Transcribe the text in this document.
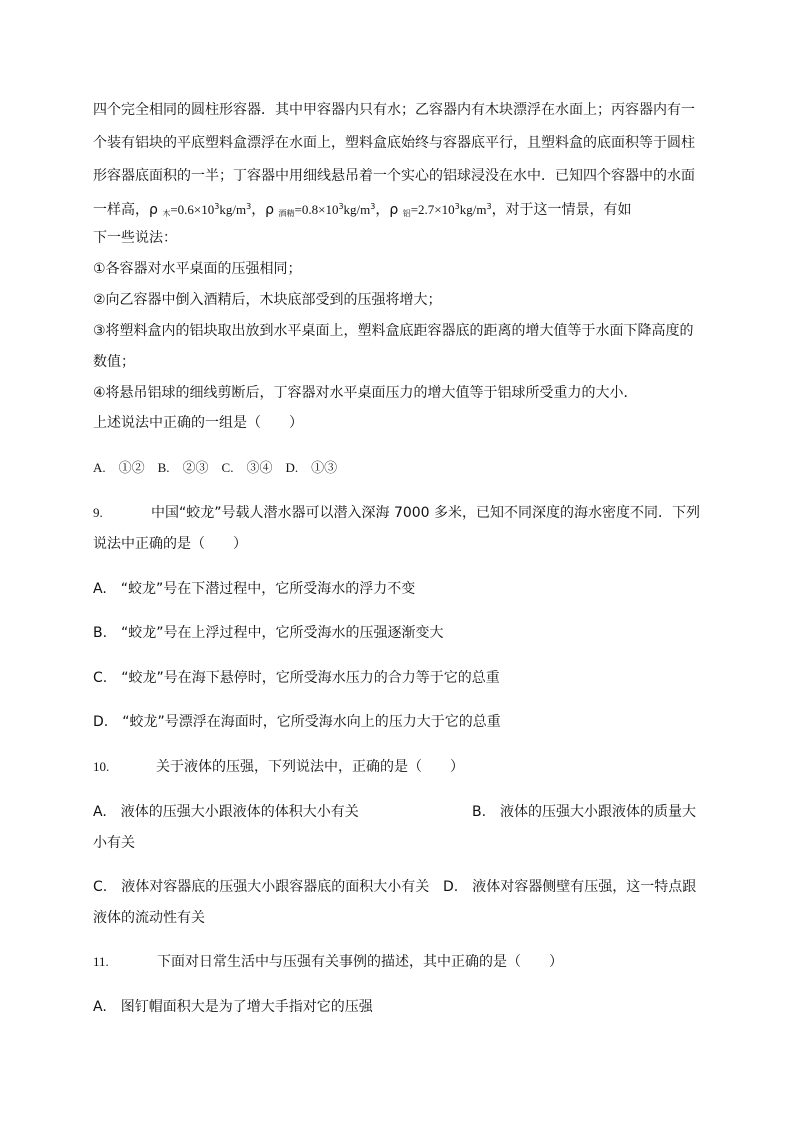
四个完全相同的圆柱形容器．其中甲容器内只有水；乙容器内有木块漂浮在水面上；丙容器内有一
个装有铝块的平底塑料盒漂浮在水面上，塑料盒底始终与容器底平行，且塑料盒的底面积等于圆柱
形容器底面积的一半；丁容器中用细线悬吊着一个实心的铝球浸没在水中．已知四个容器中的水面
一样高，ρ $_木=0.6\times 10^3kg/m^3$，ρ $_{酒精}=0.8\times 10^3kg/m^3$，ρ $_铝=2.7\times 10^3kg/m^3$，对于这一情景，有如
下一些说法：
①各容器对水平桌面的压强相同；
②向乙容器中倒入酒精后，木块底部受到的压强将增大；
③将塑料盒内的铝块取出放到水平桌面上，塑料盒底距容器底的距离的增大值等于水面下降高度的
数值；
④将悬吊铝球的细线剪断后，丁容器对水平桌面压力的增大值等于铝球所受重力的大小．
上述说法中正确的一组是（　　）
A.　①②　B.　②③　C.　③④　D.　①③
9.	中国“蛟龙”号载人潜水器可以潜入深海 7000 多米，已知不同深度的海水密度不同．下列
说法中正确的是（　　）
A.　“蛟龙”号在下潜过程中，它所受海水的浮力不变
B.　“蛟龙”号在上浮过程中，它所受海水的压强逐渐变大
C.　“蛟龙”号在海下悬停时，它所受海水压力的合力等于它的总重
D.　“蛟龙”号漂浮在海面时，它所受海水向上的压力大于它的总重
10.	关于液体的压强，下列说法中，正确的是（　　）
A.　液体的压强大小跟液体的体积大小有关	B.　液体的压强大小跟液体的质量大
小有关
C.　液体对容器底的压强大小跟容器底的面积大小有关 D.　液体对容器侧壁有压强，这一特点跟
液体的流动性有关
11.	下面对日常生活中与压强有关事例的描述，其中正确的是（　　）
A.　图钉帽面积大是为了增大手指对它的压强
